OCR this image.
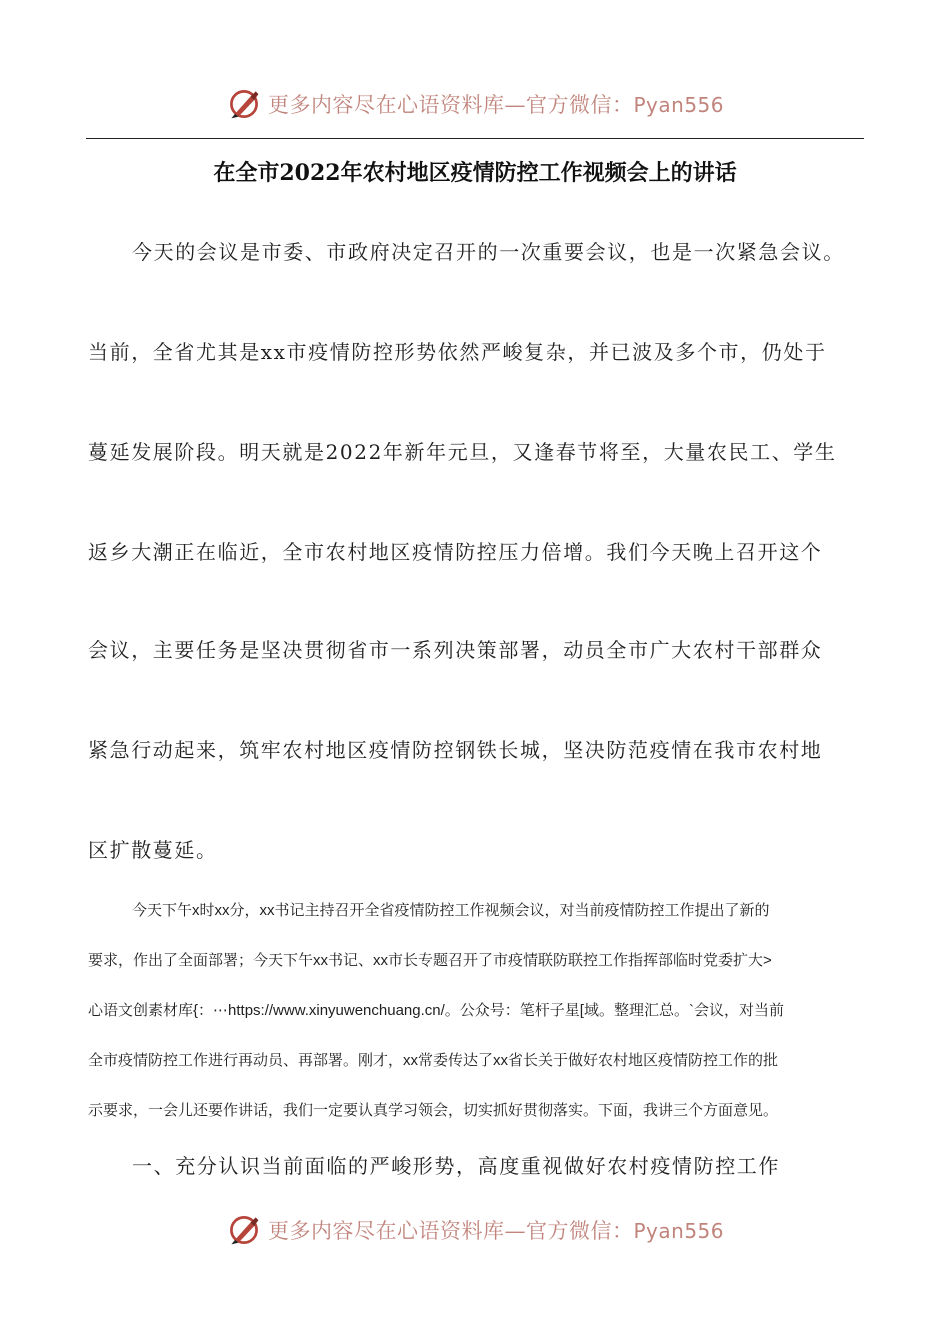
更多内容尽在心语资料库—官方微信：Pyan556
在全市2022年农村地区疫情防控工作视频会上的讲话
今天的会议是市委、市政府决定召开的一次重要会议，也是一次紧急会议。
当前，全省尤其是xx市疫情防控形势依然严峻复杂，并已波及多个市，仍处于
蔓延发展阶段。明天就是2022年新年元旦，又逢春节将至，大量农民工、学生
返乡大潮正在临近，全市农村地区疫情防控压力倍增。我们今天晚上召开这个
会议，主要任务是坚决贯彻省市一系列决策部署，动员全市广大农村干部群众
紧急行动起来，筑牢农村地区疫情防控钢铁长城，坚决防范疫情在我市农村地
区扩散蔓延。
今天下午x时xx分，xx书记主持召开全省疫情防控工作视频会议，对当前疫情防控工作提出了新的
要求，作出了全面部署；今天下午xx书记、xx市长专题召开了市疫情联防联控工作指挥部临时党委扩大>
心语文创素材库{：⋯https://www.xinyuwenchuang.cn/。公众号：笔杆子星[域。整理汇总。`会议，对当前
全市疫情防控工作进行再动员、再部署。刚才，xx常委传达了xx省长关于做好农村地区疫情防控工作的批
示要求，一会儿还要作讲话，我们一定要认真学习领会，切实抓好贯彻落实。下面，我讲三个方面意见。
一、充分认识当前面临的严峻形势，高度重视做好农村疫情防控工作
更多内容尽在心语资料库—官方微信：Pyan556
